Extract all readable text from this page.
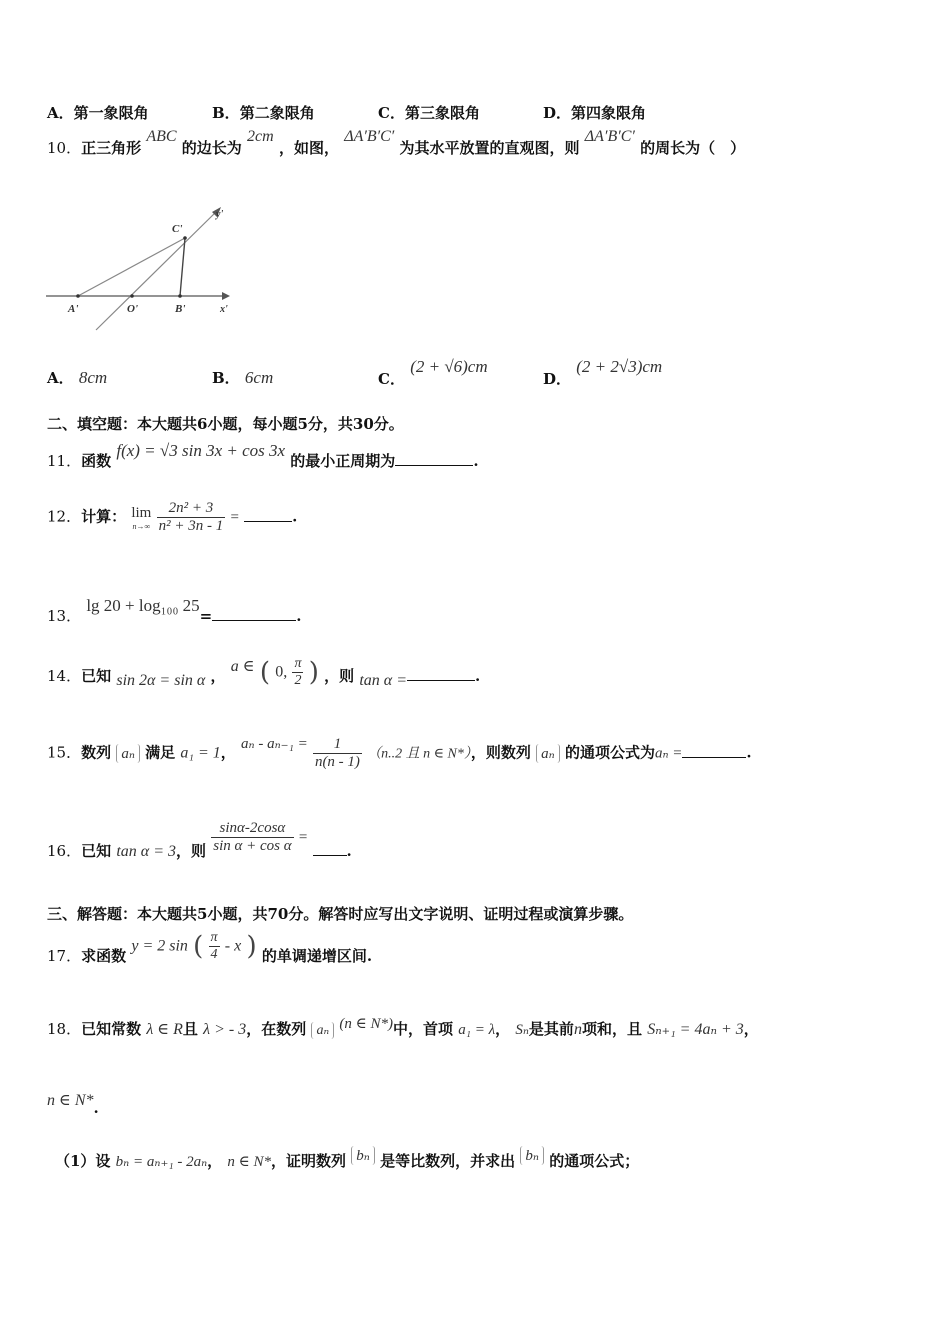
A．第一象限角	B．第二象限角	C．第三象限角	D．第四象限角
10．正三角形 ABC 的边长为 2cm ，如图， ΔA′B′C′ 为其水平放置的直观图，则 ΔA′B′C′ 的周长为（　）
C'
y'
x'
A'	O'	B'
A． 8cm	B． 6cm	C． (2 + √6)cm
D． (2 + 2√3)cm
二、填空题：本大题共6小题，每小题5分，共30分。
11．函数 f(x) = √3 sin 3x + cos 3x 的最小正周期为	.
12．计算： lim
n→∞
$\frac{\text{2n² + 3}}{\text{n² + 3n - 1}}$ =	.
13． lg 20 + log₁₀₀ 25=	.
14．已知 sin 2α = sin α ， a ∈ ( 0, $\frac{\pi}{2}$ ) ，则 tan α =	.
15．数列 aₙ 满足 a₁ = 1， $a_n - a_{n-1} = \frac{1}{n(n - 1)} (n..2$ 且 n ∈ N*），则数列 aₙ 的通项公式为aₙ =	.
16．已知 tan α = 3，则 $\frac{\sin\alpha-2\cos\alpha}{\text{sin α + cos α}}$ = .
三、解答题：本大题共5小题，共70分。解答时应写出文字说明、证明过程或演算步骤。
17．求函数 y = 2 sin ( $\frac{\pi}{4}$ - x ) 的单调递增区间.
18．已知常数 λ ∈ R且 λ > - 3，在数列 aₙ (n ∈ N*)中，首项 a₁ = λ， Sₙ是其前n项和，且 Sₙ₊₁ = 4aₙ + 3，
n ∈ N*.
（1）设 bₙ = aₙ₊₁ - 2aₙ， n ∈ N*，证明数列 bₙ 是等比数列，并求出 bₙ 的通项公式；
